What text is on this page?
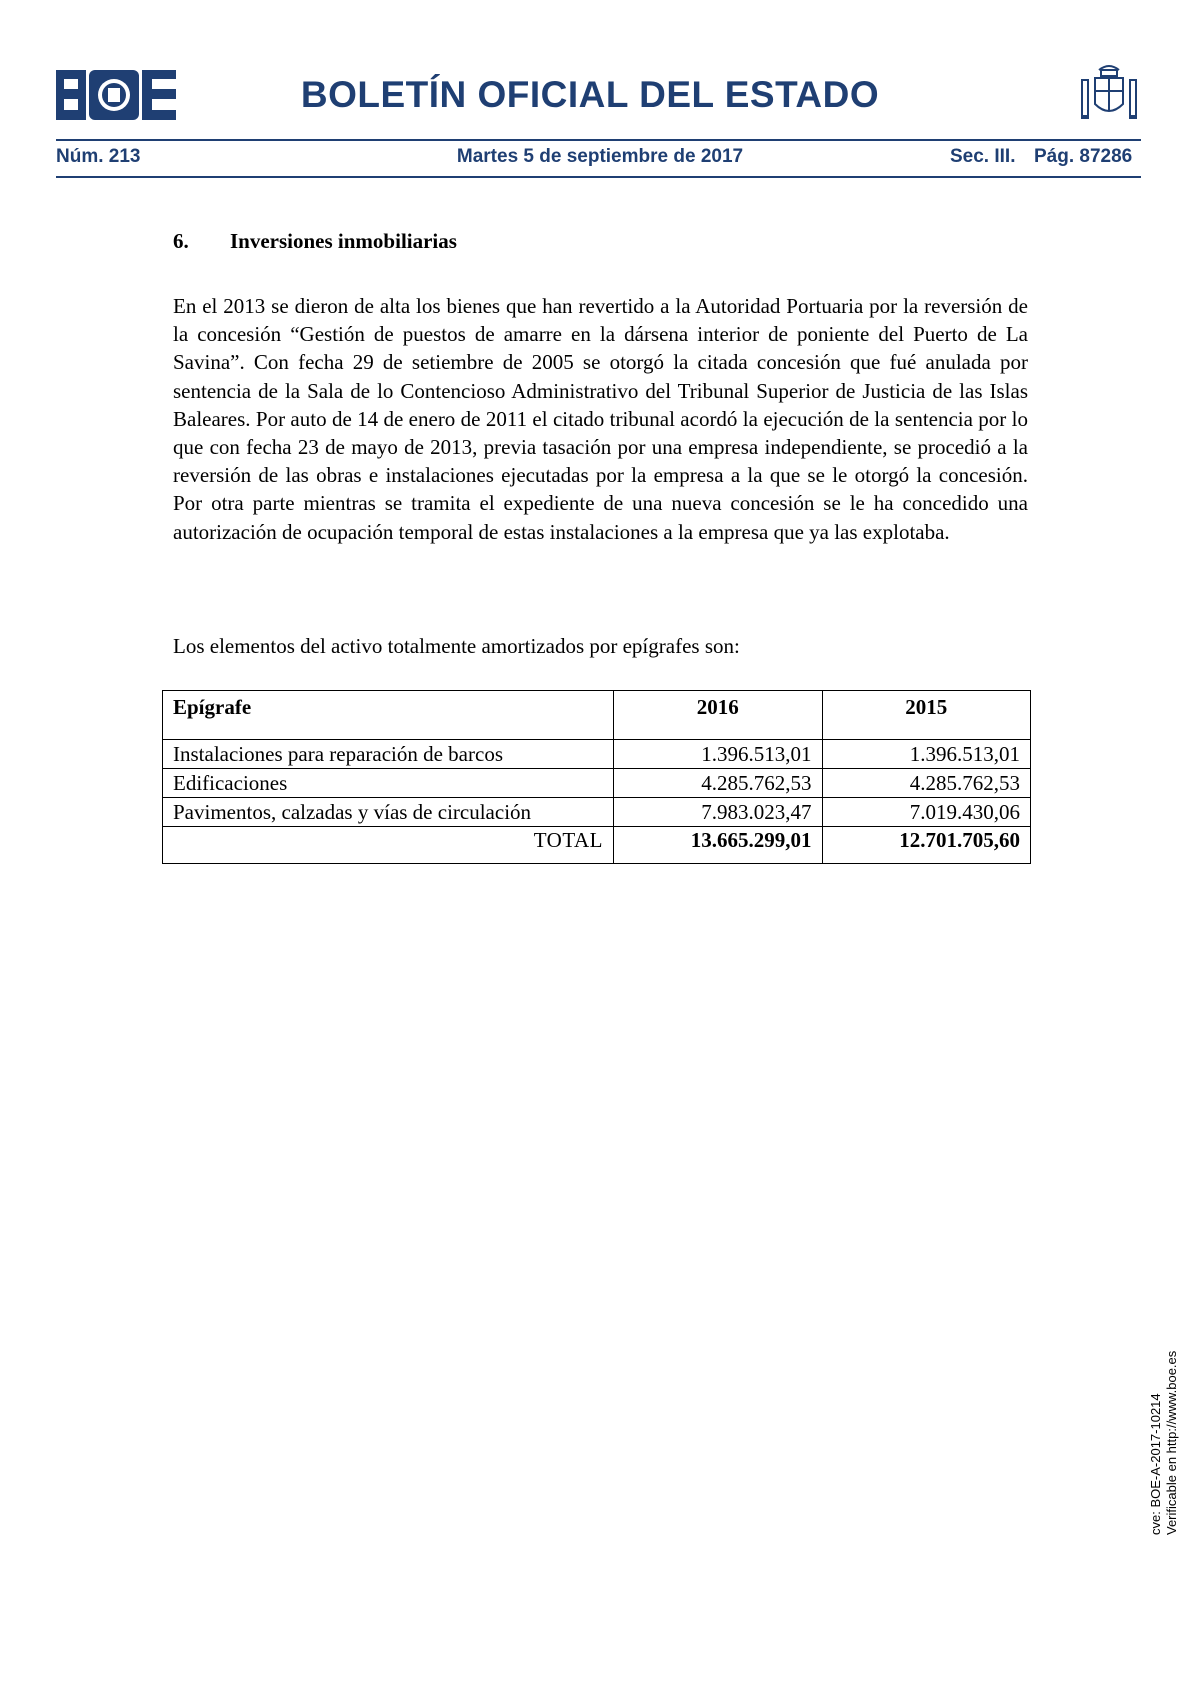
BOLETÍN OFICIAL DEL ESTADO
Núm. 213	Martes 5 de septiembre de 2017	Sec. III. Pág. 87286
6. Inversiones inmobiliarias
En el 2013 se dieron de alta los bienes que han revertido a la Autoridad Portuaria por la reversión de la concesión “Gestión de puestos de amarre en la dársena interior de poniente del Puerto de La Savina”. Con fecha 29 de setiembre de 2005 se otorgó la citada concesión que fué anulada por sentencia de la Sala de lo Contencioso Administrativo del Tribunal Superior de Justicia de las Islas Baleares. Por auto de 14 de enero de 2011 el citado tribunal acordó la ejecución de la sentencia por lo que con fecha 23 de mayo de 2013, previa tasación por una empresa independiente, se procedió a la reversión de las obras e instalaciones ejecutadas por la empresa a la que se le otorgó la concesión. Por otra parte mientras se tramita el expediente de una nueva concesión se le ha concedido una autorización de ocupación temporal de estas instalaciones a la empresa que ya las explotaba.
Los elementos del activo totalmente amortizados por epígrafes son:
Epígrafe	2016	2015
Instalaciones para reparación de barcos	1.396.513,01	1.396.513,01
Edificaciones	4.285.762,53	4.285.762,53
Pavimentos, calzadas y vías de circulación	7.983.023,47	7.019.430,06
TOTAL	13.665.299,01	12.701.705,60
cve: BOE-A-2017-10214 Verificable en http://www.boe.es
